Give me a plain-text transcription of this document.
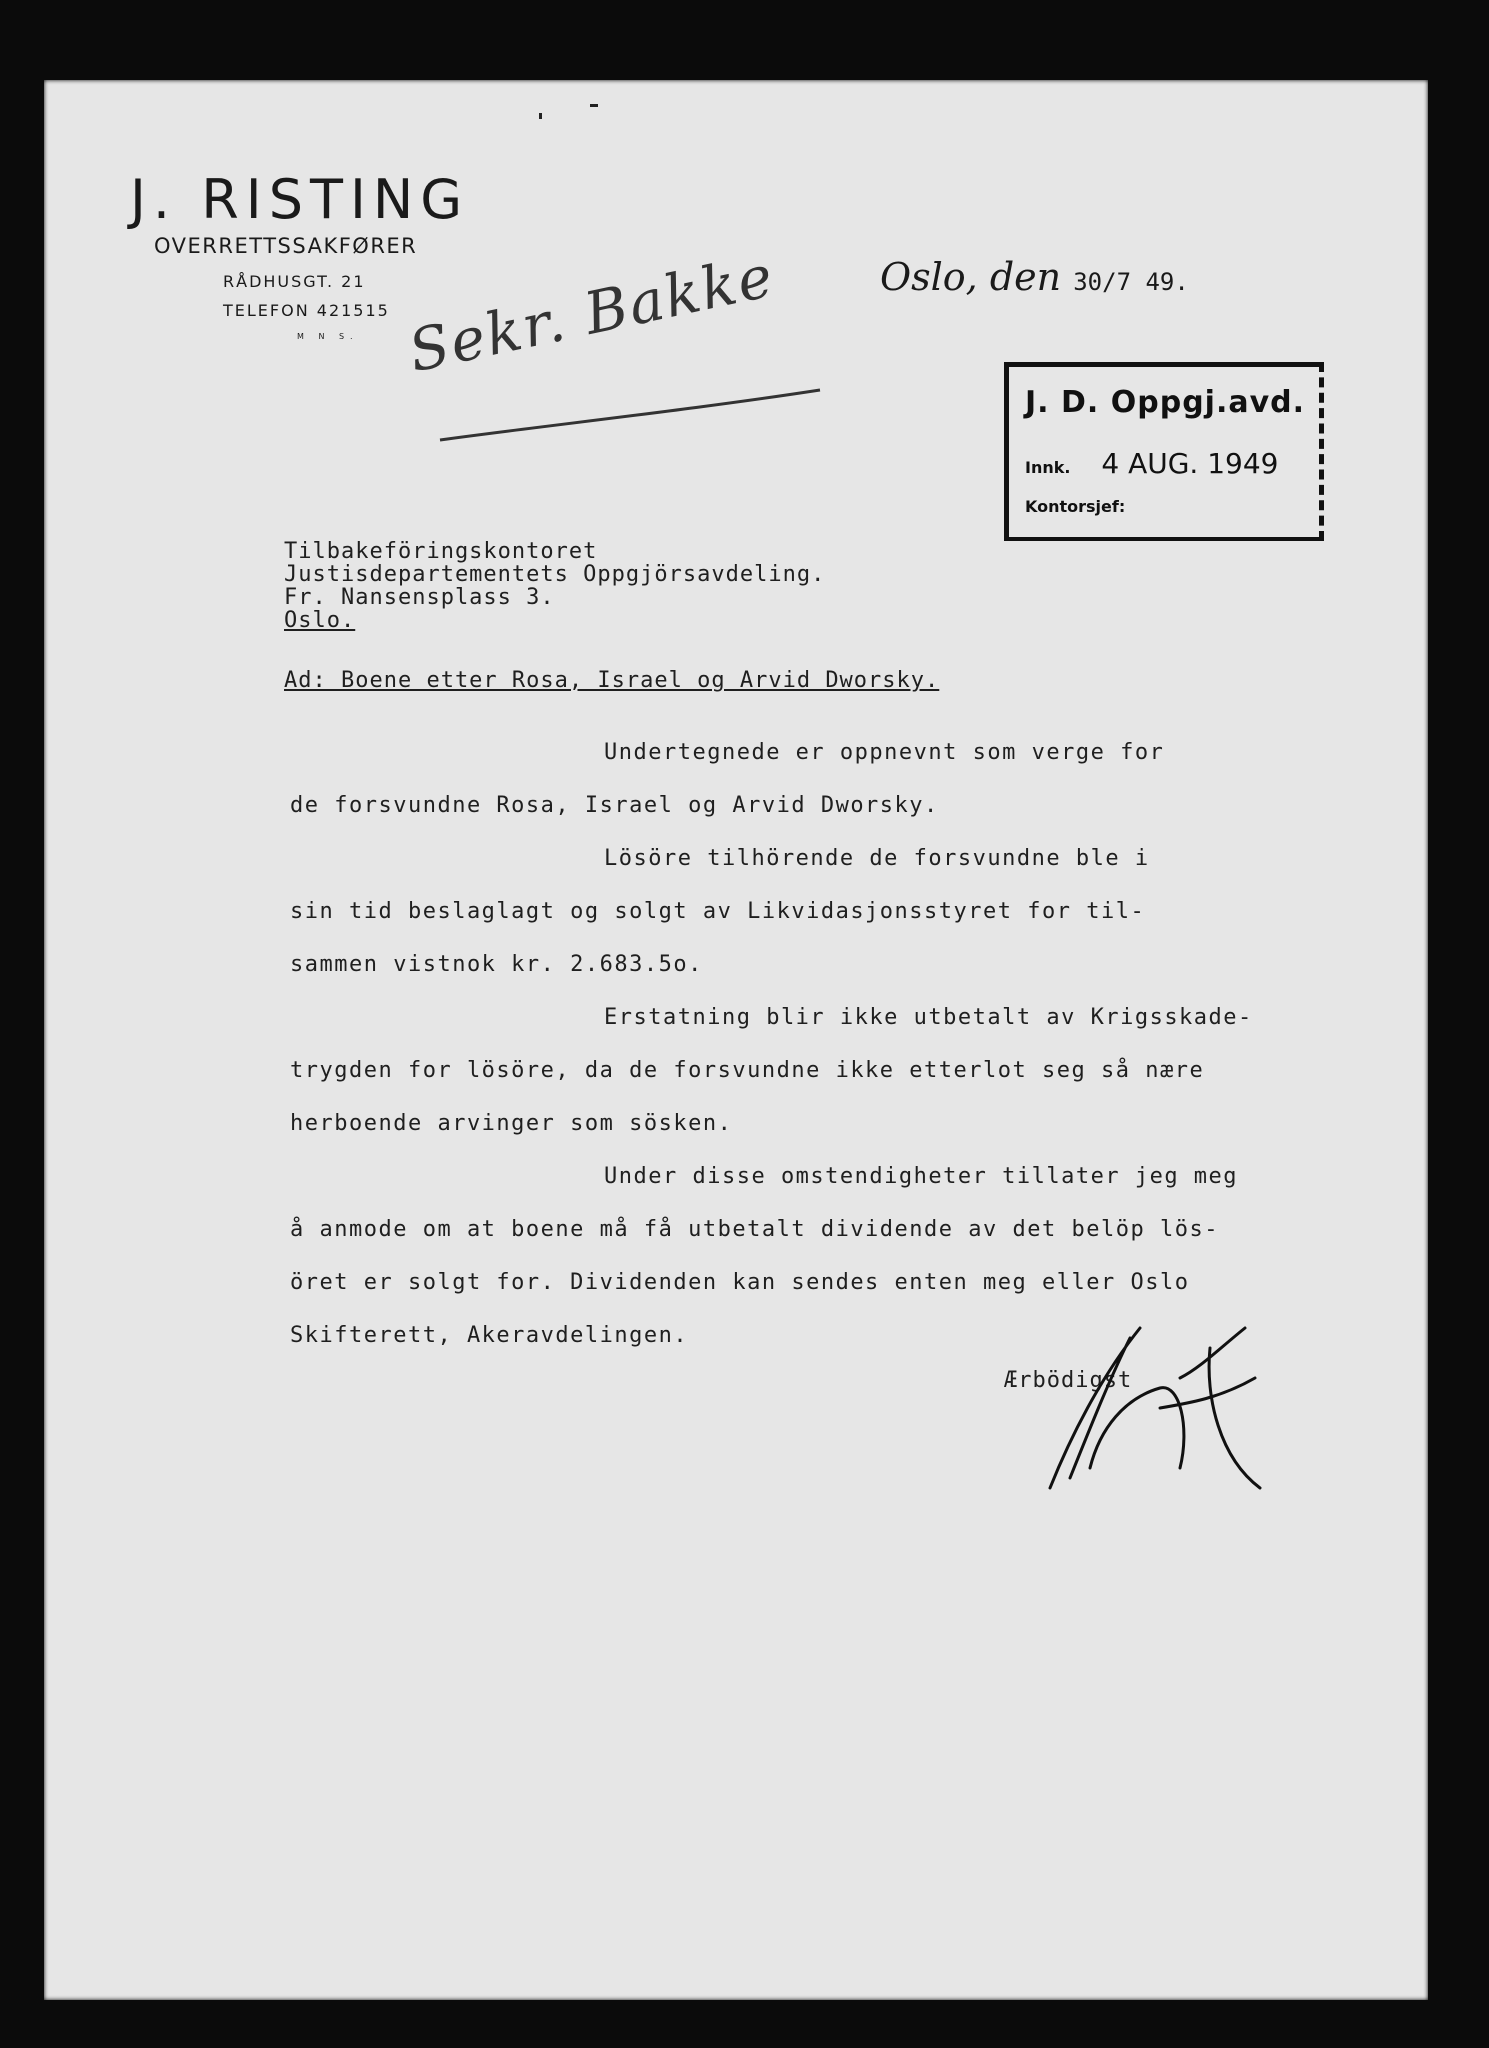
J. RISTING
OVERRETTSSAKFØRER
RÅDHUSGT. 21
TELEFON 421515
M N S.
Oslo, den 30/7 49.
Sekr. Bakke
J. D. Oppgj.avd.
Innk. 4 AUG. 1949
Kontorsjef:
Tilbakeföringskontoret
Justisdepartementets Oppgjörsavdeling.
Fr. Nansensplass 3.
Oslo.
Ad: Boene etter Rosa, Israel og Arvid Dworsky.

Undertegnede er oppnevnt som verge for

de forsvundne Rosa, Israel og Arvid Dworsky.

Lösöre tilhörende de forsvundne ble i

sin tid beslaglagt og solgt av Likvidasjonsstyret for til-

sammen vistnok kr. 2.683.5o.

Erstatning blir ikke utbetalt av Krigsskade-

trygden for lösöre, da de forsvundne ikke etterlot seg så nære

herboende arvinger som sösken.

Under disse omstendigheter tillater jeg meg

å anmode om at boene må få utbetalt dividende av det belöp lös-

öret er solgt for. Dividenden kan sendes enten meg eller Oslo

Skifterett, Akeravdelingen.

Ærbödigst
